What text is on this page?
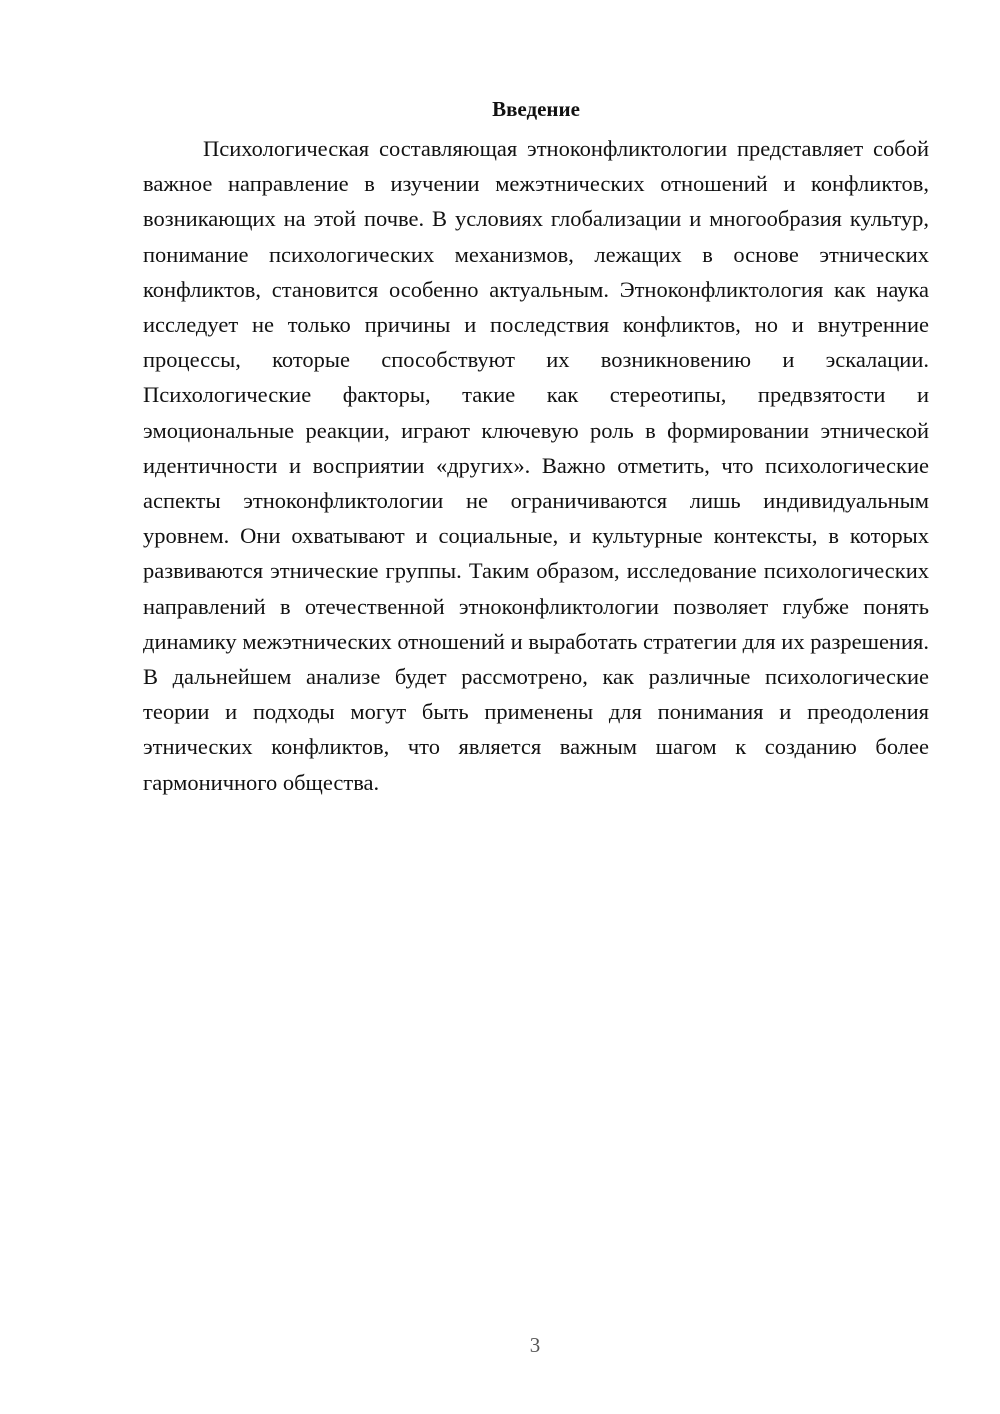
Введение

Психологическая составляющая этноконфликтологии представляет собой важное направление в изучении межэтнических отношений и конфликтов, возникающих на этой почве. В условиях глобализации и многообразия культур, понимание психологических механизмов, лежащих в основе этнических конфликтов, становится особенно актуальным. Этноконфликтология как наука исследует не только причины и последствия конфликтов, но и внутренние процессы, которые способствуют их возникновению и эскалации. Психологические факторы, такие как стереотипы, предвзятости и эмоциональные реакции, играют ключевую роль в формировании этнической идентичности и восприятии «других». Важно отметить, что психологические аспекты этноконфликтологии не ограничиваются лишь индивидуальным уровнем. Они охватывают и социальные, и культурные контексты, в которых развиваются этнические группы. Таким образом, исследование психологических направлений в отечественной этноконфликтологии позволяет глубже понять динамику межэтнических отношений и выработать стратегии для их разрешения. В дальнейшем анализе будет рассмотрено, как различные психологические теории и подходы могут быть применены для понимания и преодоления этнических конфликтов, что является важным шагом к созданию более гармоничного общества.

3
